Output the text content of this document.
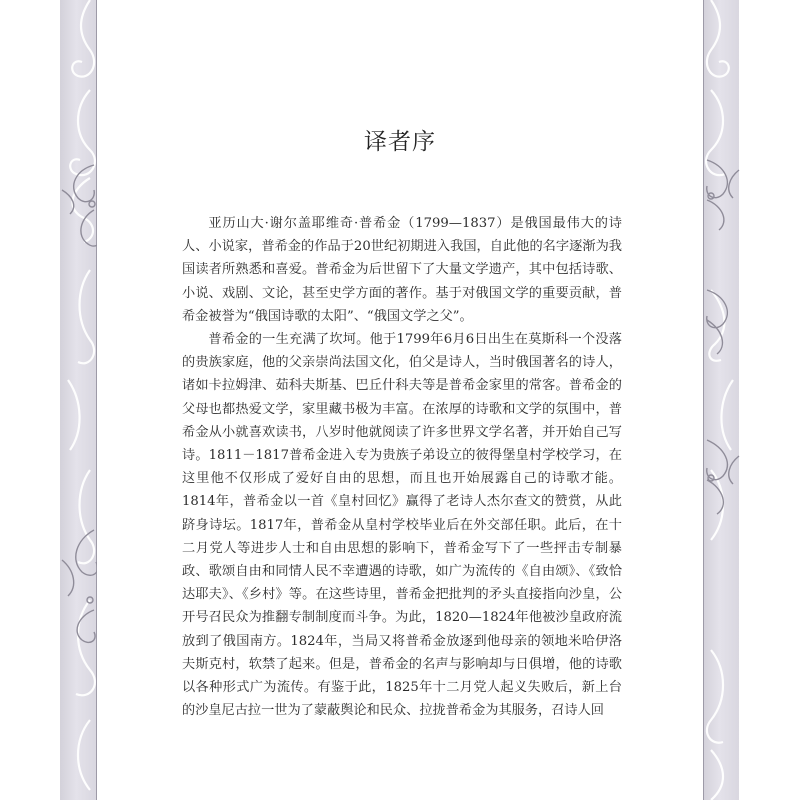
译者序

亚历山大·谢尔盖耶维奇·普希金（1799—1837）是俄国最伟大的诗人、小说家，普希金的作品于20世纪初期进入我国，自此他的名字逐渐为我国读者所熟悉和喜爱。普希金为后世留下了大量文学遗产，其中包括诗歌、小说、戏剧、文论，甚至史学方面的著作。基于对俄国文学的重要贡献，普希金被誉为“俄国诗歌的太阳”、“俄国文学之父”。

普希金的一生充满了坎坷。他于1799年6月6日出生在莫斯科一个没落的贵族家庭，他的父亲崇尚法国文化，伯父是诗人，当时俄国著名的诗人，诸如卡拉姆津、茹科夫斯基、巴丘什科夫等是普希金家里的常客。普希金的父母也都热爱文学，家里藏书极为丰富。在浓厚的诗歌和文学的氛围中，普希金从小就喜欢读书，八岁时他就阅读了许多世界文学名著，并开始自己写诗。1811－1817普希金进入专为贵族子弟设立的彼得堡皇村学校学习，在这里他不仅形成了爱好自由的思想，而且也开始展露自己的诗歌才能。1814年，普希金以一首《皇村回忆》赢得了老诗人杰尔查文的赞赏，从此跻身诗坛。1817年，普希金从皇村学校毕业后在外交部任职。此后，在十二月党人等进步人士和自由思想的影响下，普希金写下了一些抨击专制暴政、歌颂自由和同情人民不幸遭遇的诗歌，如广为流传的《自由颂》、《致恰达耶夫》、《乡村》等。在这些诗里，普希金把批判的矛头直接指向沙皇，公开号召民众为推翻专制制度而斗争。为此，1820—1824年他被沙皇政府流放到了俄国南方。1824年，当局又将普希金放逐到他母亲的领地米哈伊洛夫斯克村，软禁了起来。但是，普希金的名声与影响却与日俱增，他的诗歌以各种形式广为流传。有鉴于此，1825年十二月党人起义失败后，新上台的沙皇尼古拉一世为了蒙蔽舆论和民众、拉拢普希金为其服务，召诗人回
